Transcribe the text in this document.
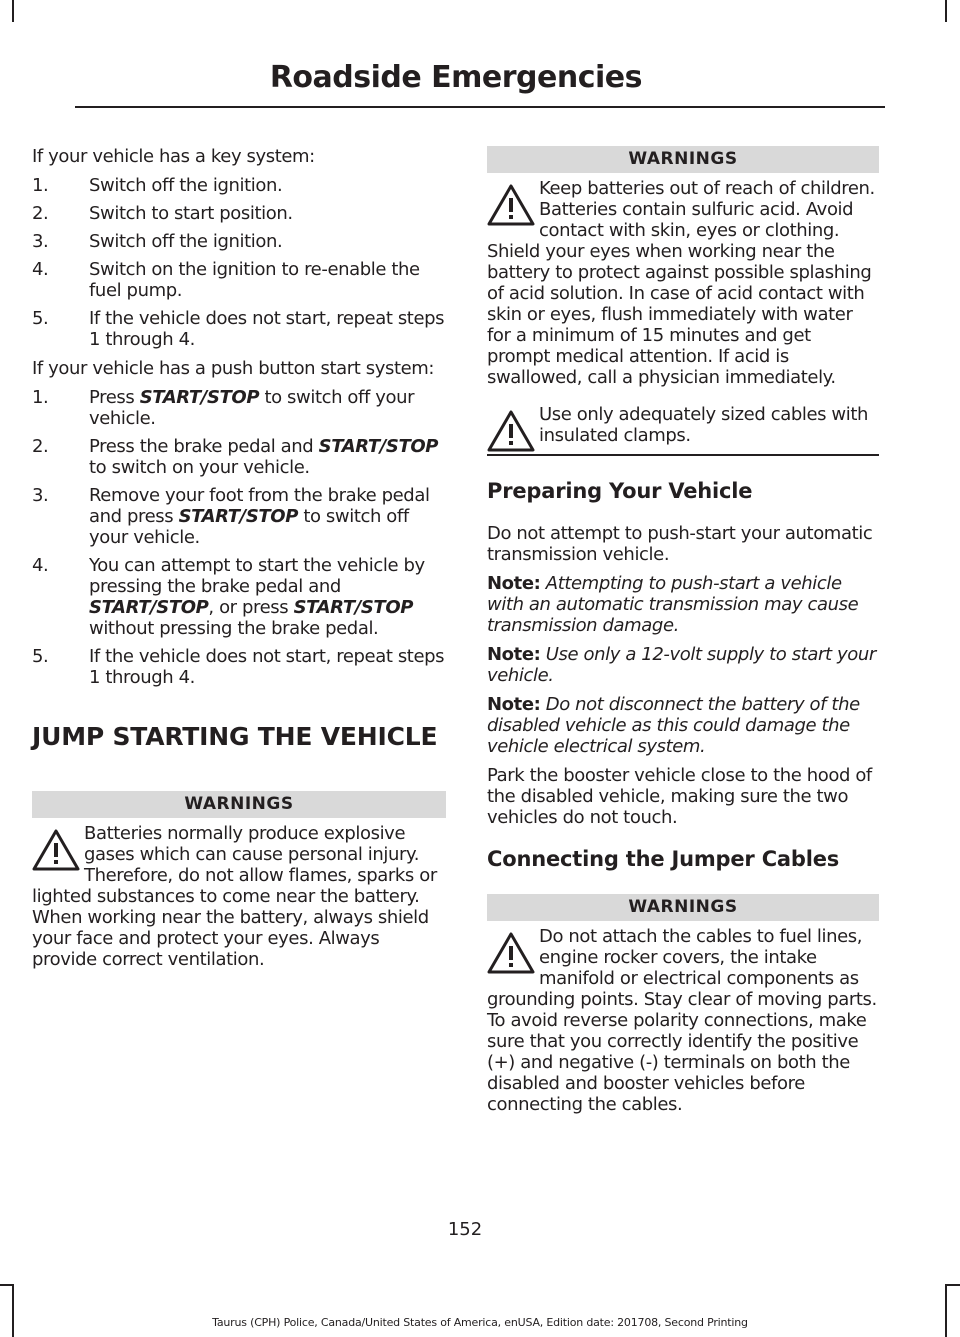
Roadside Emergencies

If your vehicle has a key system:

1. Switch off the ignition.
2. Switch to start position.
3. Switch off the ignition.
4. Switch on the ignition to re-enable the fuel pump.
5. If the vehicle does not start, repeat steps 1 through 4.

If your vehicle has a push button start system:

1. Press START/STOP to switch off your vehicle.
2. Press the brake pedal and START/STOP to switch on your vehicle.
3. Remove your foot from the brake pedal and press START/STOP to switch off your vehicle.
4. You can attempt to start the vehicle by pressing the brake pedal and START/STOP, or press START/STOP without pressing the brake pedal.
5. If the vehicle does not start, repeat steps 1 through 4.
JUMP STARTING THE VEHICLE
WARNINGS

Batteries normally produce explosive gases which can cause personal injury. Therefore, do not allow flames, sparks or lighted substances to come near the battery. When working near the battery, always shield your face and protect your eyes. Always provide correct ventilation.

WARNINGS

Keep batteries out of reach of children. Batteries contain sulfuric acid. Avoid contact with skin, eyes or clothing. Shield your eyes when working near the battery to protect against possible splashing of acid solution. In case of acid contact with skin or eyes, flush immediately with water for a minimum of 15 minutes and get prompt medical attention. If acid is swallowed, call a physician immediately.

Use only adequately sized cables with insulated clamps.

Preparing Your Vehicle

Do not attempt to push-start your automatic transmission vehicle.

Note: Attempting to push-start a vehicle with an automatic transmission may cause transmission damage.

Note: Use only a 12-volt supply to start your vehicle.

Note: Do not disconnect the battery of the disabled vehicle as this could damage the vehicle electrical system.

Park the booster vehicle close to the hood of the disabled vehicle, making sure the two vehicles do not touch.

Connecting the Jumper Cables
WARNINGS

Do not attach the cables to fuel lines, engine rocker covers, the intake manifold or electrical components as grounding points. Stay clear of moving parts. To avoid reverse polarity connections, make sure that you correctly identify the positive (+) and negative (-) terminals on both the disabled and booster vehicles before connecting the cables.

152
Taurus (CPH) Police, Canada/United States of America, enUSA, Edition date: 201708, Second Printing
